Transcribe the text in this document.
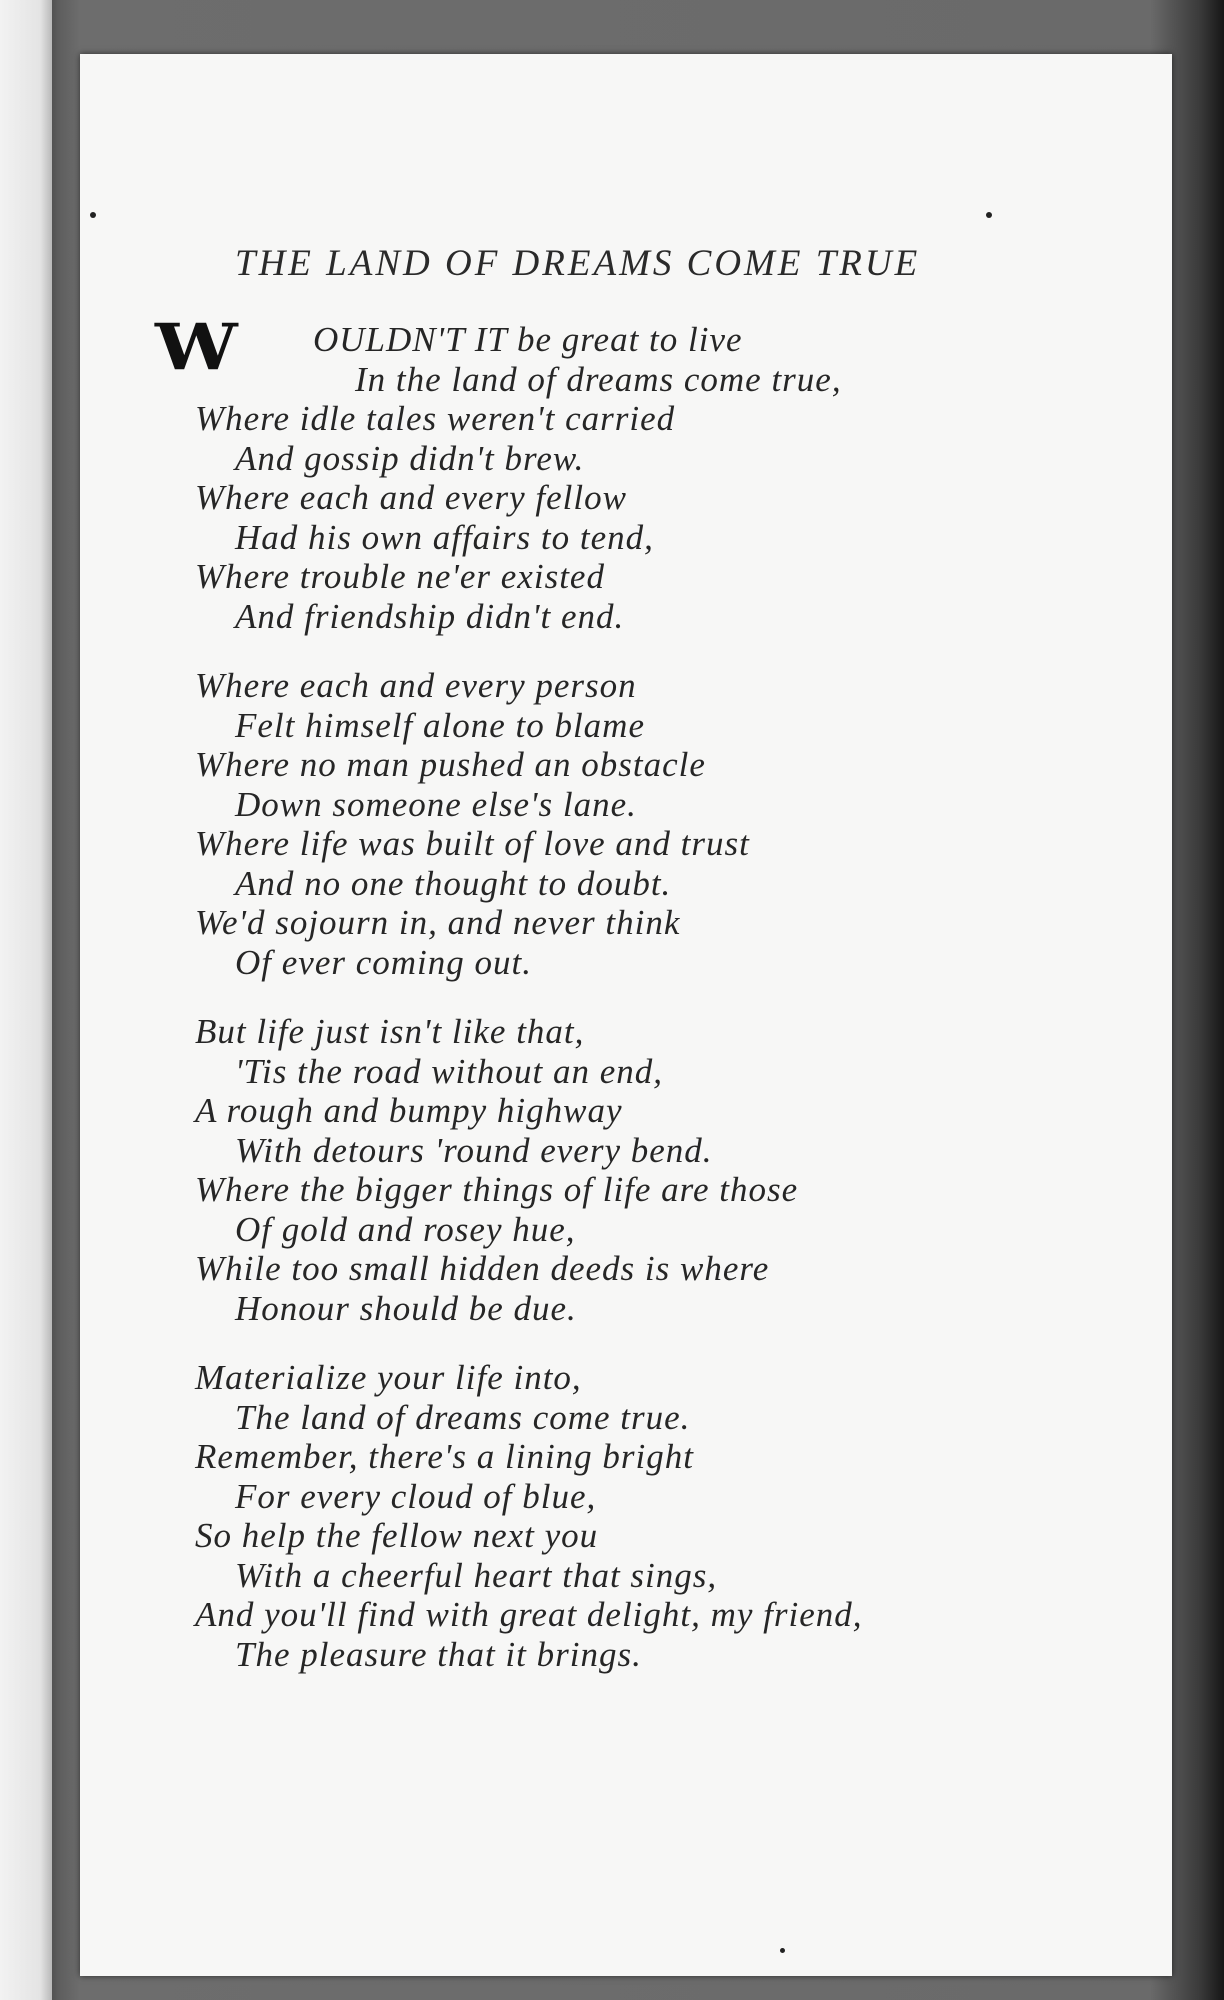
THE LAND OF DREAMS COME TRUE
OULDN'T IT be great to live
In the land of dreams come true,
Where idle tales weren't carried
And gossip didn't brew.
Where each and every fellow
Had his own affairs to tend,
Where trouble ne'er existed
And friendship didn't end.
Where each and every person
Felt himself alone to blame
Where no man pushed an obstacle
Down someone else's lane.
Where life was built of love and trust
And no one thought to doubt.
We'd sojourn in, and never think
Of ever coming out.
But life just isn't like that,
'Tis the road without an end,
A rough and bumpy highway
With detours 'round every bend.
Where the bigger things of life are those
Of gold and rosey hue,
While too small hidden deeds is where
Honour should be due.
Materialize your life into,
The land of dreams come true.
Remember, there's a lining bright
For every cloud of blue,
So help the fellow next you
With a cheerful heart that sings,
And you'll find with great delight, my friend,
The pleasure that it brings.
W
